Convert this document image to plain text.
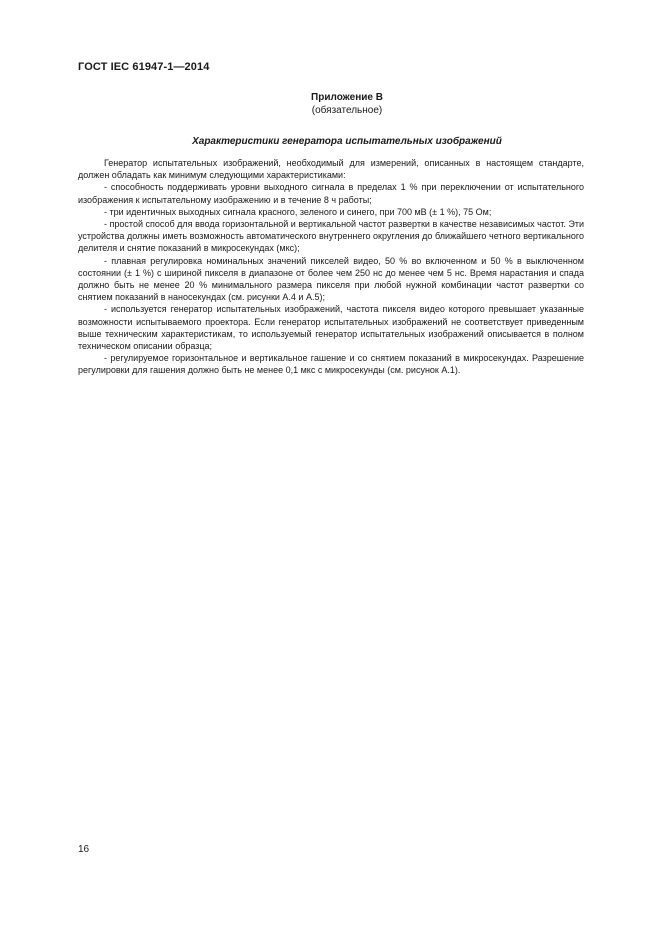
ГОСТ IEC 61947-1—2014
Приложение В
(обязательное)
Характеристики генератора испытательных изображений

Генератор испытательных изображений, необходимый для измерений, описанных в настоящем стандарте, должен обладать как минимум следующими характеристиками:

- способность поддерживать уровни выходного сигнала в пределах 1 % при переключении от испытательного изображения к испытательному изображению и в течение 8 ч работы;

- три идентичных выходных сигнала красного, зеленого и синего, при 700 мВ (± 1 %), 75 Ом;

- простой способ для ввода горизонтальной и вертикальной частот развертки в качестве независимых частот. Эти устройства должны иметь возможность автоматического внутреннего округления до ближайшего четного вертикального делителя и снятие показаний в микросекундах (мкс);

- плавная регулировка номинальных значений пикселей видео, 50 % во включенном и 50 % в выключенном состоянии (± 1 %) с шириной пикселя в диапазоне от более чем 250 нс до менее чем 5 нс. Время нарастания и спада должно быть не менее 20 % минимального размера пикселя при любой нужной комбинации частот развертки со снятием показаний в наносекундах (см. рисунки А.4 и А.5);

- используется генератор испытательных изображений, частота пикселя видео которого превышает указанные возможности испытываемого проектора. Если генератор испытательных изображений не соответствует приведенным выше техническим характеристикам, то используемый генератор испытательных изображений описывается в полном техническом описании образца;

- регулируемое горизонтальное и вертикальное гашение и со снятием показаний в микросекундах. Разрешение регулировки для гашения должно быть не менее 0,1 мкс с микросекунды (см. рисунок А.1).

16
